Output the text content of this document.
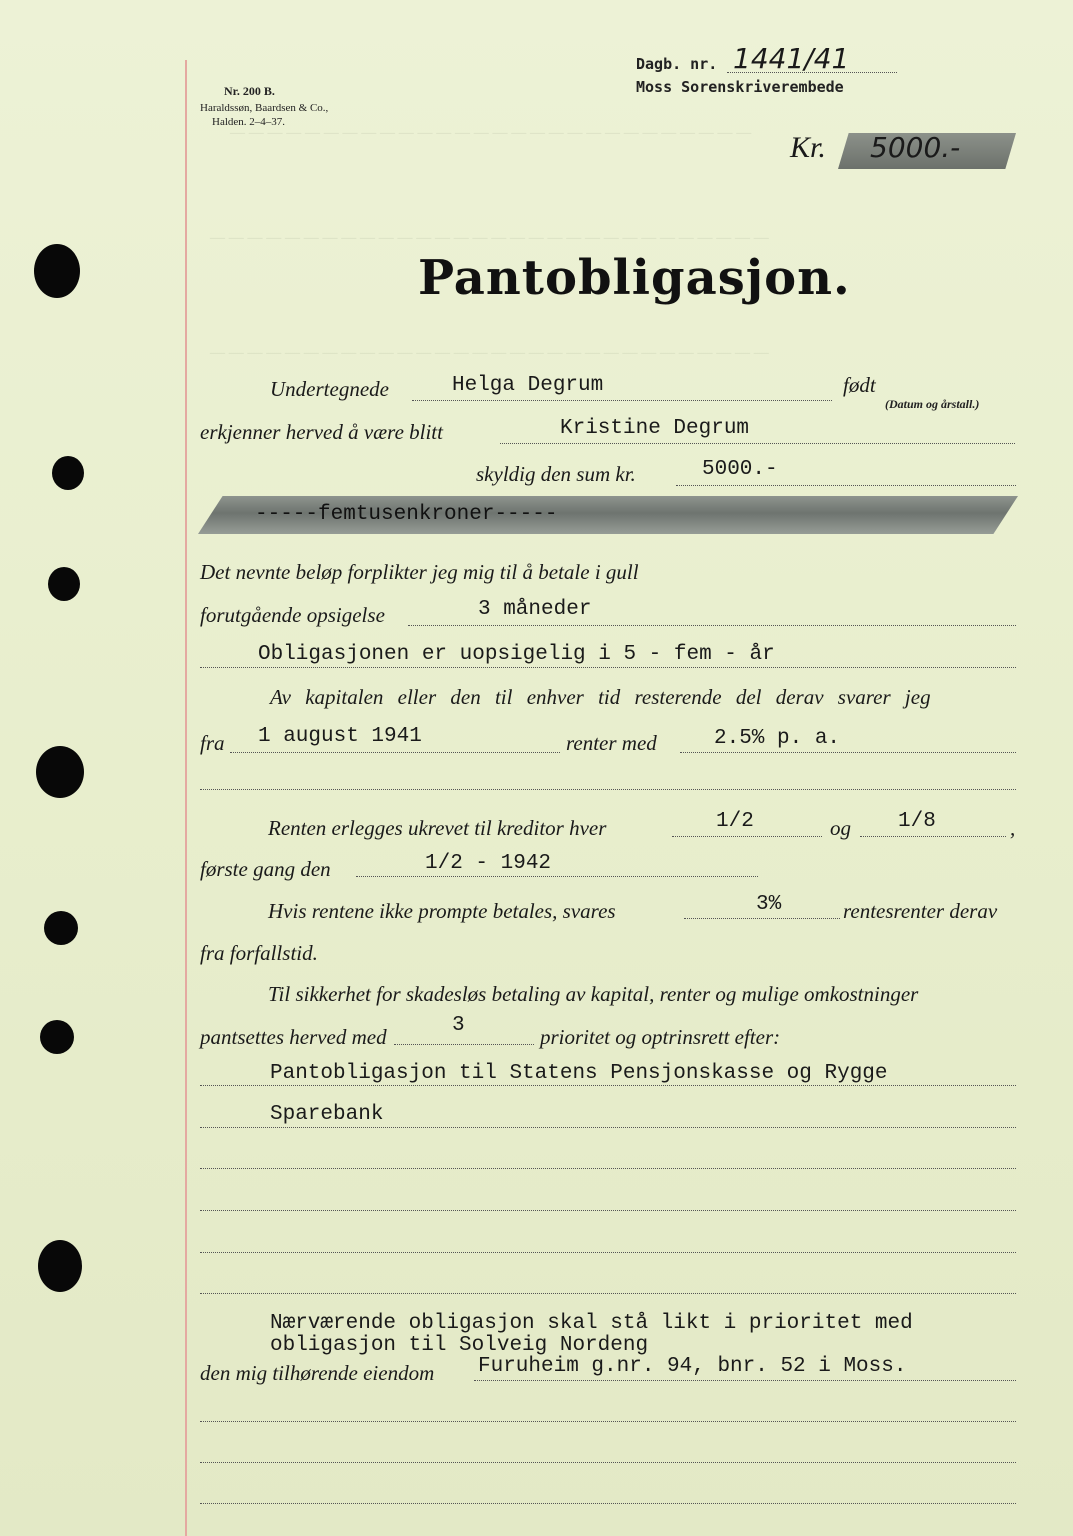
— — — — — — — — — — — — — — — — — — — — — — — — — — — —
— — — — — — — — — — — — — — — — — — — — — — — — — — — — — —
— — — — — — — — — — — — — — — — — — — — — — — — — — — — — —
Nr. 200 B.
Haraldssøn, Baardsen & Co.,
Halden. 2–4–37.
Dagb. nr. 1441/41
Moss Sorenskriverembede
Kr. 5000.-
Pantobligasjon.
Undertegnede	Helga Degrum	født
(Datum og årstall.)
erkjenner herved å være blitt	Kristine Degrum
skyldig den sum kr.	5000.-
-----femtusenkroner-----
Det nevnte beløp forplikter jeg mig til å betale i gull
forutgående opsigelse	3 måneder
Obligasjonen er uopsigelig i 5 - fem - år
Av kapitalen eller den til enhver tid resterende del derav svarer jeg
fra 1 august 1941	renter med	2.5% p. a.
Renten erlegges ukrevet til kreditor hver	1/2	og 1/8	,
første gang den	1/2 - 1942
Hvis rentene ikke prompte betales, svares	3%	rentesrenter derav
fra forfallstid.
Til sikkerhet for skadesløs betaling av kapital, renter og mulige omkostninger
pantsettes herved med	3	prioritet og optrinsrett efter:
Pantobligasjon til Statens Pensjonskasse og Rygge
Sparebank
Nærværende obligasjon skal stå likt i prioritet med
obligasjon til Solveig Nordeng
den mig tilhørende eiendom Furuheim g.nr. 94, bnr. 52 i Moss.
